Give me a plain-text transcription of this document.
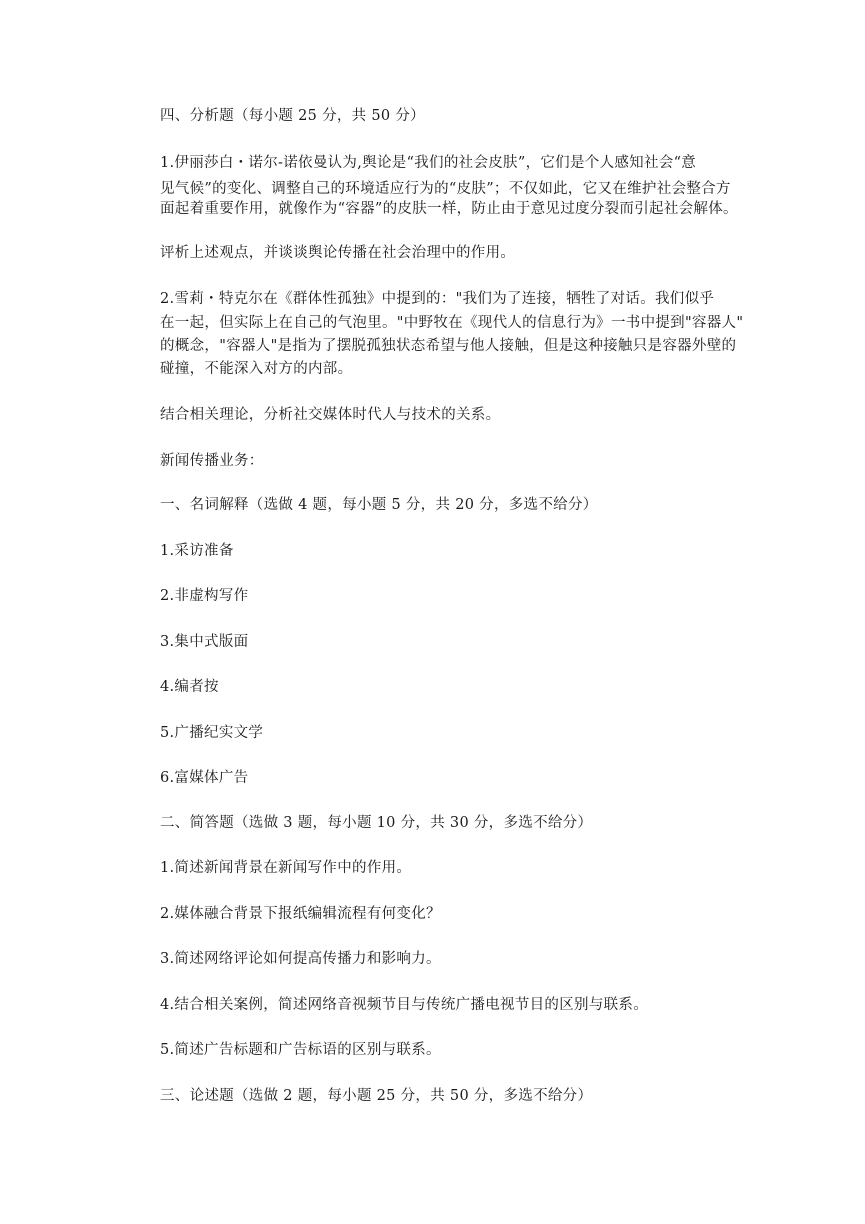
四、分析题（每小题 25 分，共 50 分）
1.伊丽莎白・诺尔-诺依曼认为,舆论是“我们的社会皮肤”，它们是个人感知社会“意
见气候”的变化、调整自己的环境适应行为的“皮肤”；不仅如此，它又在维护社会整合方
面起着重要作用，就像作为“容器”的皮肤一样，防止由于意见过度分裂而引起社会解体。
评析上述观点，并谈谈舆论传播在社会治理中的作用。
2.雪莉・特克尔在《群体性孤独》中提到的："我们为了连接，牺牲了对话。我们似乎
在一起，但实际上在自己的气泡里。"中野牧在《现代人的信息行为》一书中提到"容器人"
的概念，"容器人"是指为了摆脱孤独状态希望与他人接触，但是这种接触只是容器外壁的
碰撞，不能深入对方的内部。
结合相关理论，分析社交媒体时代人与技术的关系。
新闻传播业务：
一、名词解释（选做 4 题，每小题 5 分，共 20 分，多选不给分）
1.采访准备
2.非虚构写作
3.集中式版面
4.编者按
5.广播纪实文学
6.富媒体广告
二、简答题（选做 3 题，每小题 10 分，共 30 分，多选不给分）
1.简述新闻背景在新闻写作中的作用。
2.媒体融合背景下报纸编辑流程有何变化？
3.简述网络评论如何提高传播力和影响力。
4.结合相关案例，简述网络音视频节目与传统广播电视节目的区别与联系。
5.简述广告标题和广告标语的区别与联系。
三、论述题（选做 2 题，每小题 25 分，共 50 分，多选不给分）
